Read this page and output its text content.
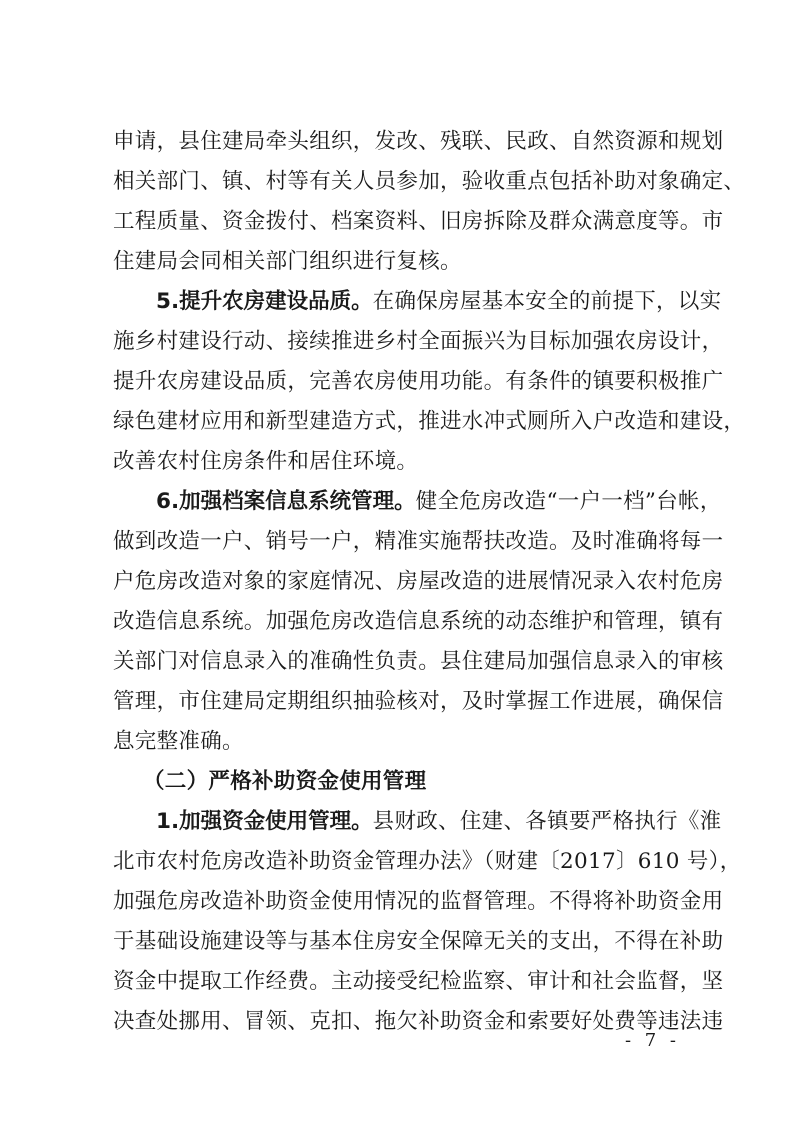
申请，县住建局牵头组织，发改、残联、民政、自然资源和规划
相关部门、镇、村等有关人员参加，验收重点包括补助对象确定、
工程质量、资金拨付、档案资料、旧房拆除及群众满意度等。市
住建局会同相关部门组织进行复核。
5.提升农房建设品质。在确保房屋基本安全的前提下，以实
施乡村建设行动、接续推进乡村全面振兴为目标加强农房设计，
提升农房建设品质，完善农房使用功能。有条件的镇要积极推广
绿色建材应用和新型建造方式，推进水冲式厕所入户改造和建设，
改善农村住房条件和居住环境。
6.加强档案信息系统管理。健全危房改造“一户一档”台帐，
做到改造一户、销号一户，精准实施帮扶改造。及时准确将每一
户危房改造对象的家庭情况、房屋改造的进展情况录入农村危房
改造信息系统。加强危房改造信息系统的动态维护和管理，镇有
关部门对信息录入的准确性负责。县住建局加强信息录入的审核
管理，市住建局定期组织抽验核对，及时掌握工作进展，确保信
息完整准确。
（二）严格补助资金使用管理
1.加强资金使用管理。县财政、住建、各镇要严格执行《淮
北市农村危房改造补助资金管理办法》（财建〔2017〕610 号），
加强危房改造补助资金使用情况的监督管理。不得将补助资金用
于基础设施建设等与基本住房安全保障无关的支出，不得在补助
资金中提取工作经费。主动接受纪检监察、审计和社会监督，坚
决查处挪用、冒领、克扣、拖欠补助资金和索要好处费等违法违
- 7 -
